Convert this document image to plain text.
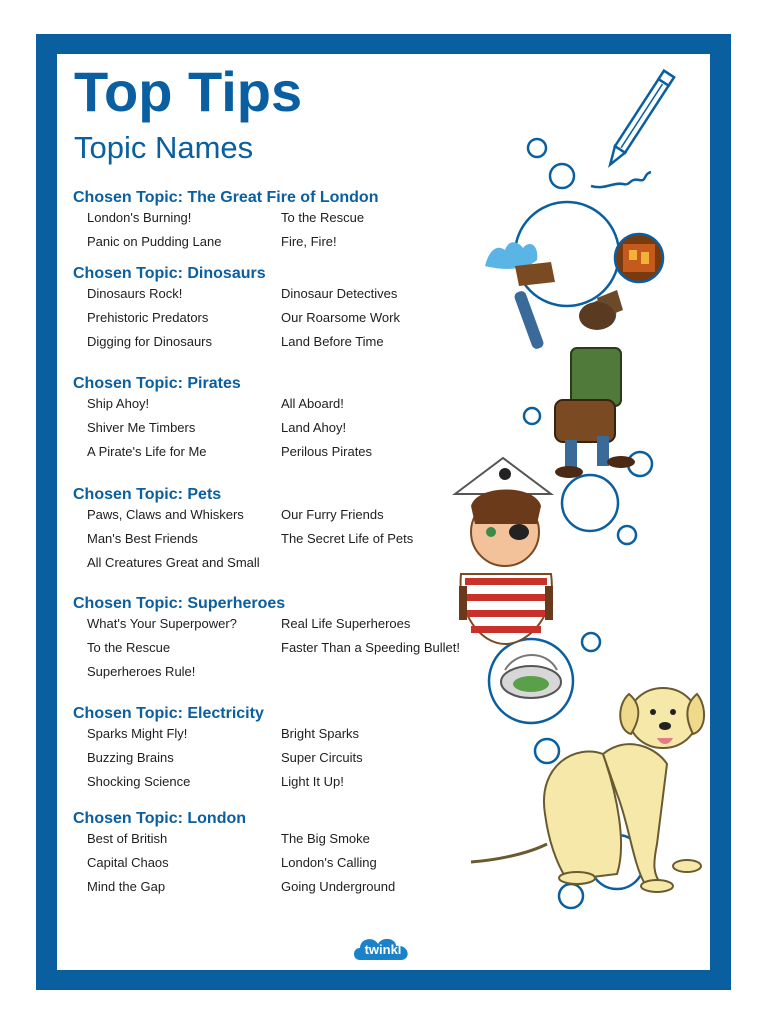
Top Tips
Topic Names
Chosen Topic: The Great Fire of London
London's Burning!	To the Rescue
Panic on Pudding Lane	Fire, Fire!
Chosen Topic: Dinosaurs
Dinosaurs Rock!	Dinosaur Detectives
Prehistoric Predators	Our Roarsome Work
Digging for Dinosaurs	Land Before Time
Chosen Topic: Pirates
Ship Ahoy!	All Aboard!
Shiver Me Timbers	Land Ahoy!
A Pirate's Life for Me	Perilous Pirates
Chosen Topic: Pets
Paws, Claws and Whiskers	Our Furry Friends
Man's Best Friends	The Secret Life of Pets
All Creatures Great and Small
Chosen Topic: Superheroes
What's Your Superpower?	Real Life Superheroes
To the Rescue	Faster Than a Speeding Bullet!
Superheroes Rule!
Chosen Topic: Electricity
Sparks Might Fly!	Bright Sparks
Buzzing Brains	Super Circuits
Shocking Science	Light It Up!
Chosen Topic: London
Best of British	The Big Smoke
Capital Chaos	London's Calling
Mind the Gap	Going Underground
twinkl
